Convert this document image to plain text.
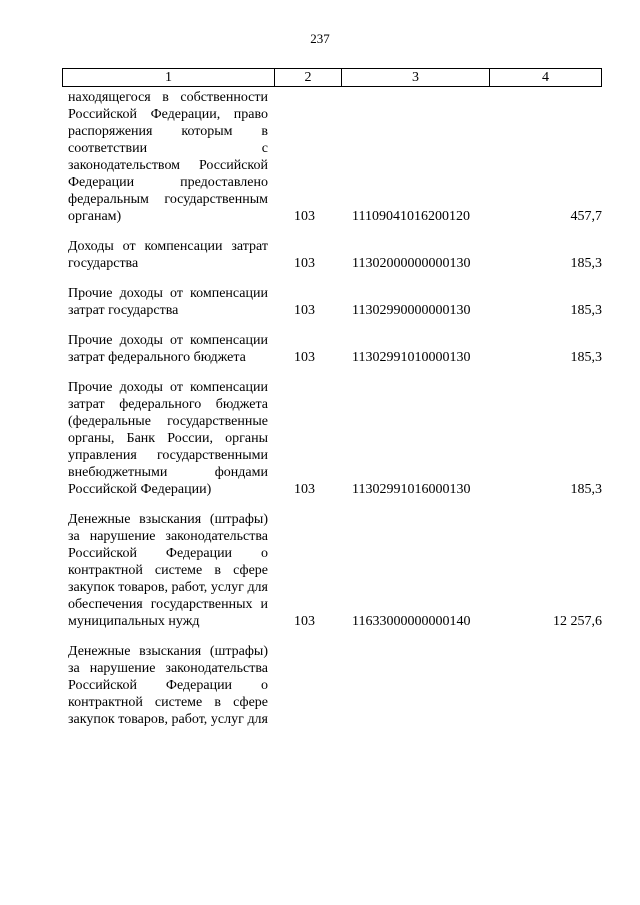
237
1	2	3	4
находящегося в собственности Российской Федерации, право распоряжения которым в соответствии с законодательством Российской Федерации предоставлено федеральным государственным органам)	103	11109041016200120	457,7
Доходы от компенсации затрат государства	103	11302000000000130	185,3
Прочие доходы от компенсации затрат государства	103	11302990000000130	185,3
Прочие доходы от компенсации затрат федерального бюджета	103	11302991010000130	185,3
Прочие доходы от компенсации затрат федерального бюджета (федеральные государственные органы, Банк России, органы управления государственными внебюджетными фондами Российской Федерации)	103	11302991016000130	185,3
Денежные взыскания (штрафы) за нарушение законодательства Российской Федерации о контрактной системе в сфере закупок товаров, работ, услуг для обеспечения государственных и муниципальных нужд	103	11633000000000140	12 257,6
Денежные взыскания (штрафы) за нарушение законодательства Российской Федерации о контрактной системе в сфере закупок товаров, работ, услуг для
